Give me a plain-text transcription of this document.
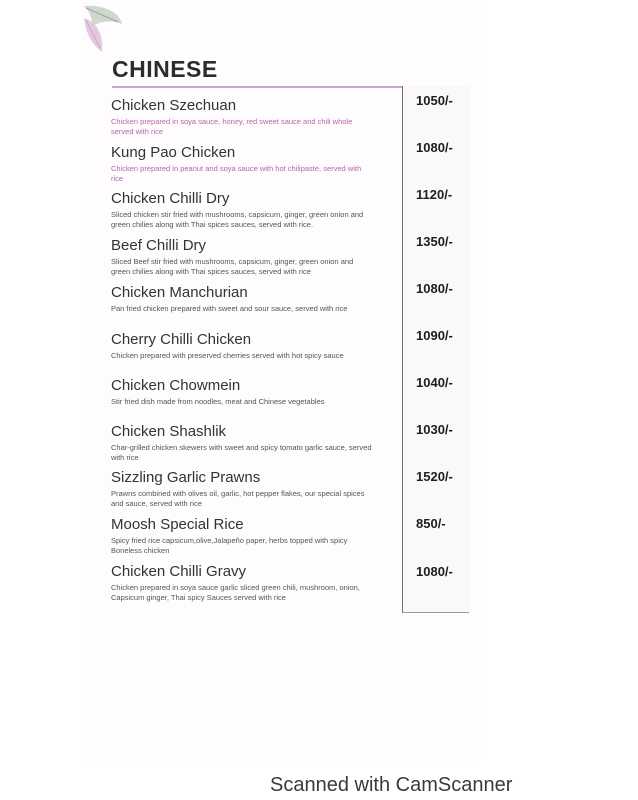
CHINESE
Chicken Szechuan
Chicken prepared in soya sauce, honey, red sweet sauce and chili whole served with rice
1050/-
Kung Pao Chicken
Chicken prepared in peanut and soya sauce with hot chilipaste, served with rice
1080/-
Chicken Chilli Dry
Sliced chicken stir fried with mushrooms, capsicum, ginger, green onion and green chilies along with Thai spices sauces, served with rice.
1120/-
Beef Chilli Dry
Sliced Beef stir fried with mushrooms, capsicum, ginger, green onion and green chilies along with Thai spices sauces, served with rice
1350/-
Chicken Manchurian
Pan fried chicken prepared with sweet and sour sauce, served with rice
1080/-
Cherry Chilli Chicken
Chicken prepared with preserved cherries served with hot spicy sauce
1090/-
Chicken Chowmein
Stir fried dish made from noodles, meat and Chinese vegetables
1040/-
Chicken Shashlik
Char-grilled chicken skewers with sweet and spicy tomato garlic sauce, served with rice
1030/-
Sizzling Garlic Prawns
Prawns combined with olives oil, garlic, hot pepper flakes, our special spices and sauce, served with rice
1520/-
Moosh Special Rice
Spicy fried rice capsicum,olive,Jalapeño paper, herbs topped with spicy Boneless chicken
850/-
Chicken Chilli Gravy
Chicken prepared in soya sauce garlic sliced green chili, mushroom, onion, Capsicum ginger, Thai spicy Sauces served with rice
1080/-
Scanned with CamScanner
